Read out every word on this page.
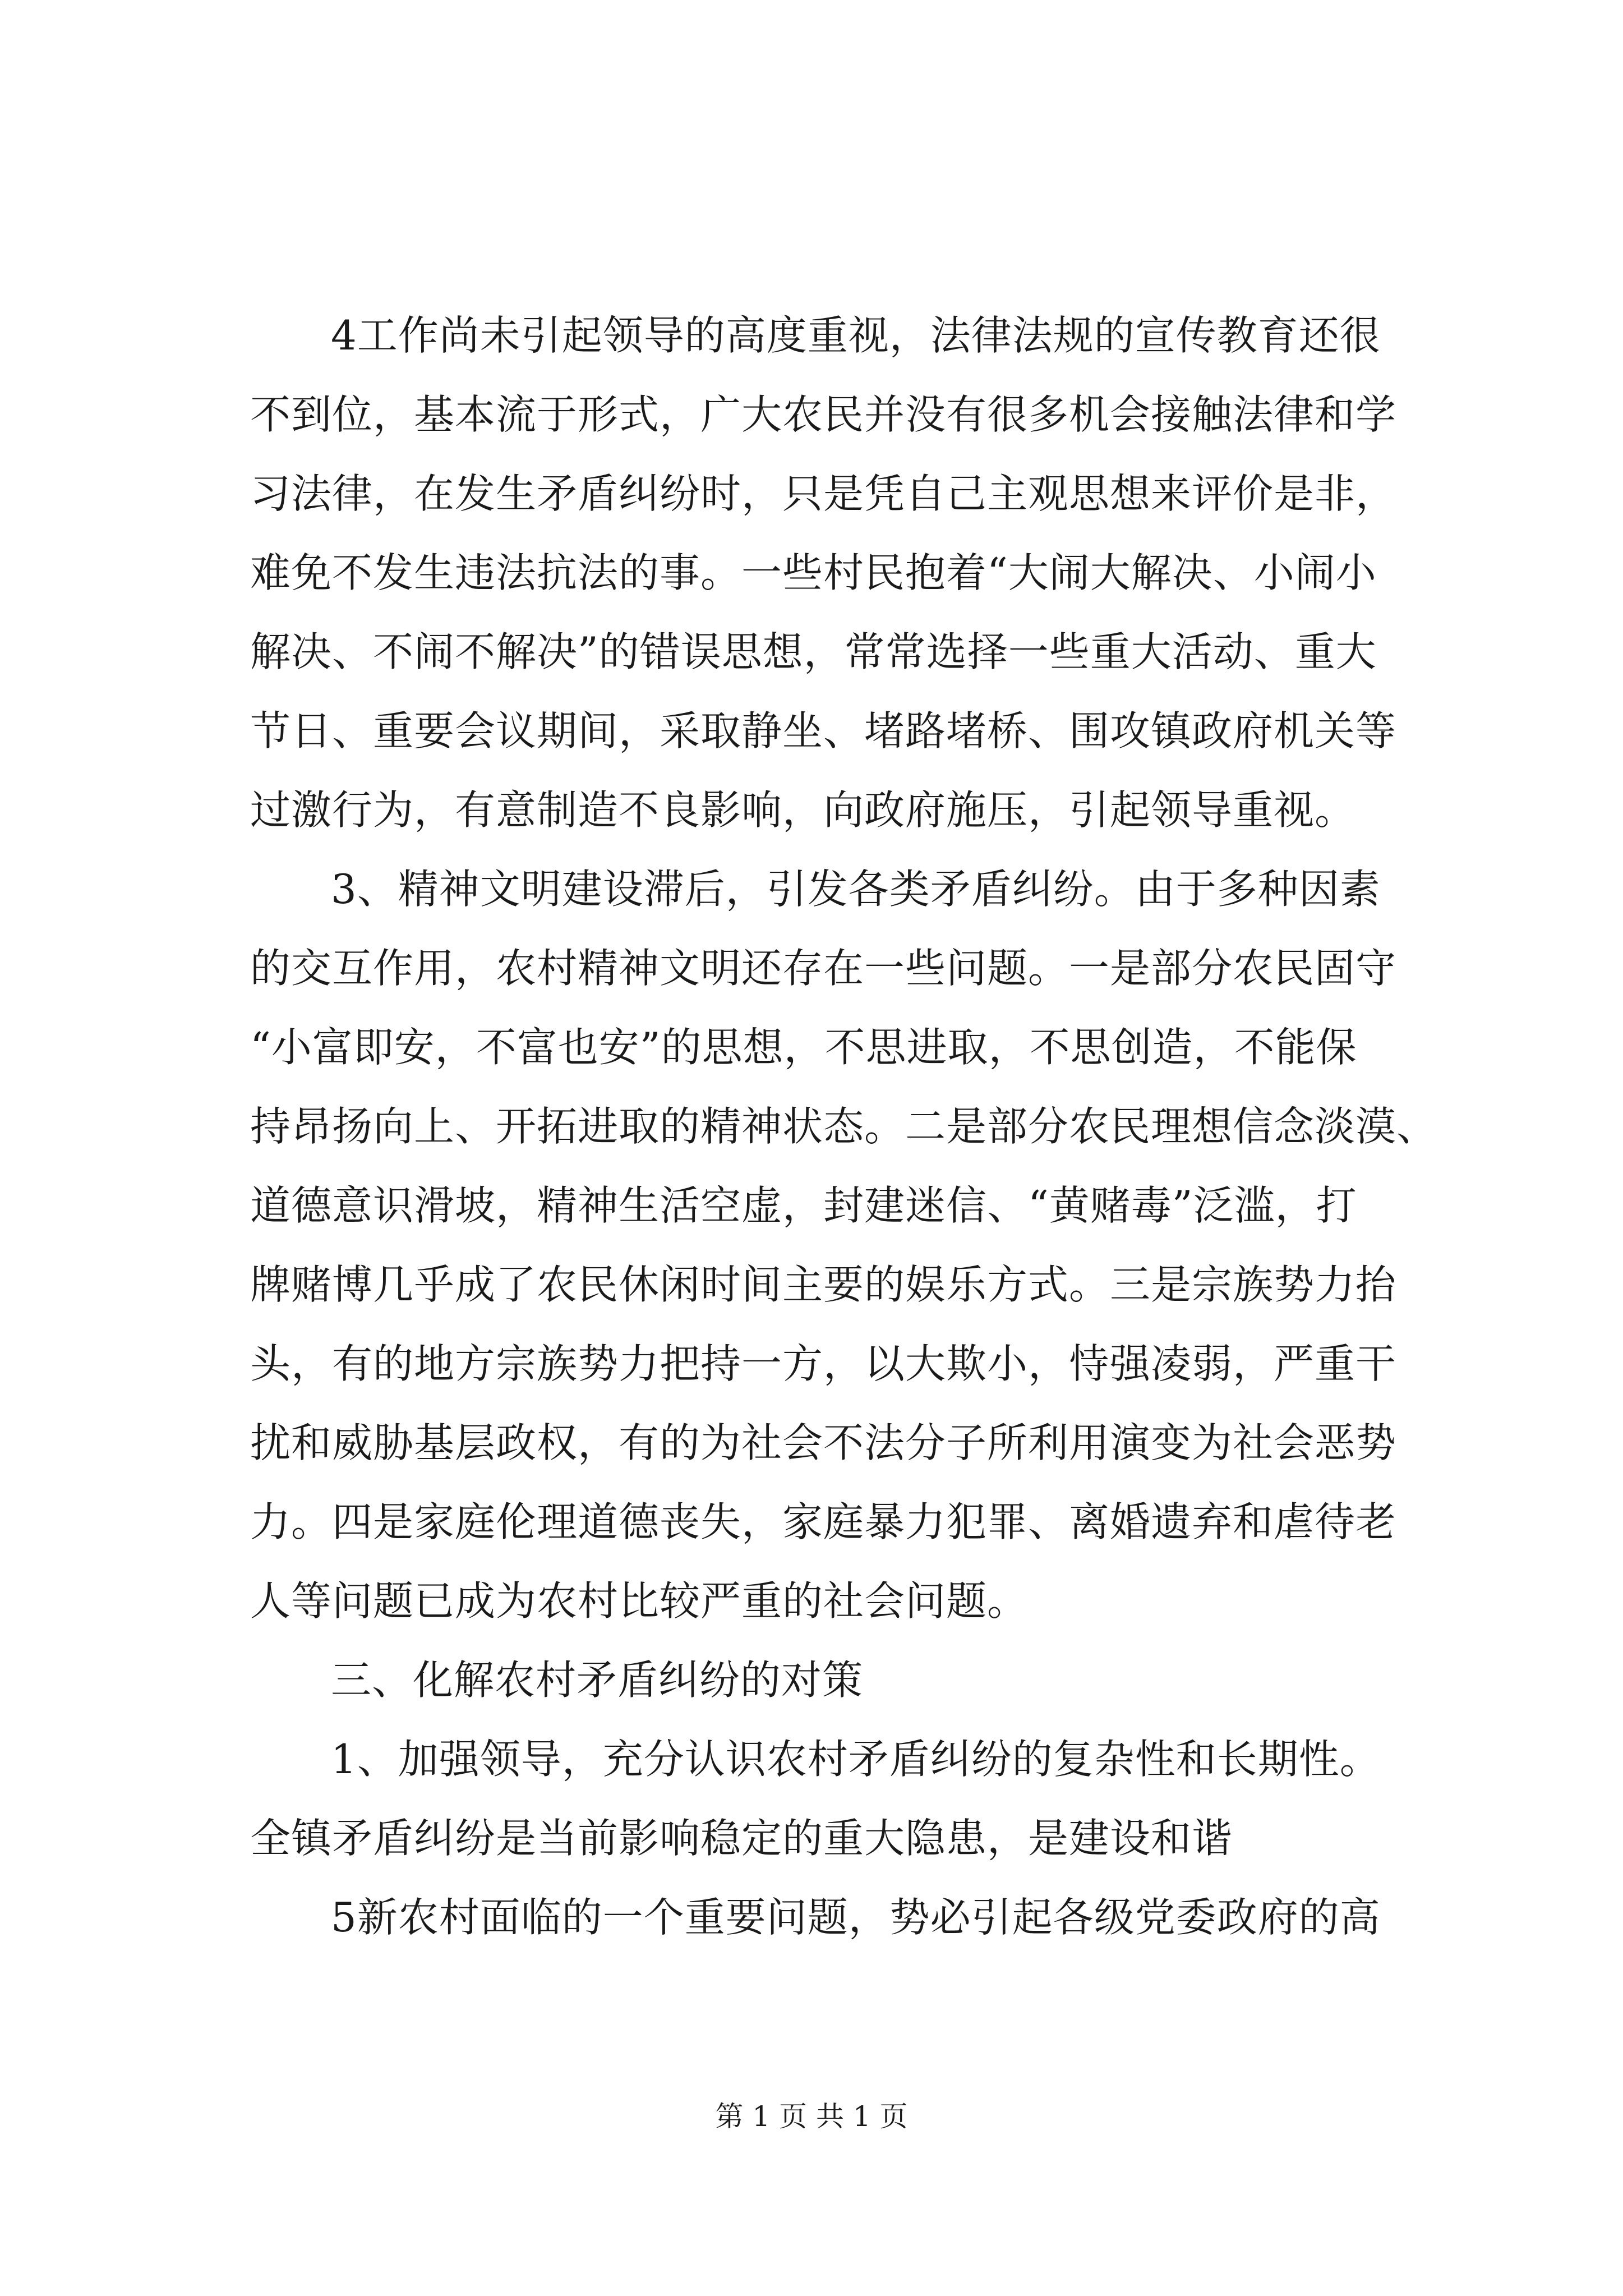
4工作尚未引起领导的高度重视，法律法规的宣传教育还很
不到位，基本流于形式，广大农民并没有很多机会接触法律和学
习法律，在发生矛盾纠纷时，只是凭自己主观思想来评价是非，
难免不发生违法抗法的事。一些村民抱着“大闹大解决、小闹小
解决、不闹不解决”的错误思想，常常选择一些重大活动、重大
节日、重要会议期间，采取静坐、堵路堵桥、围攻镇政府机关等
过激行为，有意制造不良影响，向政府施压，引起领导重视。
3、精神文明建设滞后，引发各类矛盾纠纷。由于多种因素
的交互作用，农村精神文明还存在一些问题。一是部分农民固守
“小富即安，不富也安”的思想，不思进取，不思创造，不能保
持昂扬向上、开拓进取的精神状态。二是部分农民理想信念淡漠、
道德意识滑坡，精神生活空虚，封建迷信、“黄赌毒”泛滥，打
牌赌博几乎成了农民休闲时间主要的娱乐方式。三是宗族势力抬
头，有的地方宗族势力把持一方，以大欺小，恃强凌弱，严重干
扰和威胁基层政权，有的为社会不法分子所利用演变为社会恶势
力。四是家庭伦理道德丧失，家庭暴力犯罪、离婚遗弃和虐待老
人等问题已成为农村比较严重的社会问题。
三、化解农村矛盾纠纷的对策
1、加强领导，充分认识农村矛盾纠纷的复杂性和长期性。
全镇矛盾纠纷是当前影响稳定的重大隐患，是建设和谐
5新农村面临的一个重要问题，势必引起各级党委政府的高
第 1 页 共 1 页
